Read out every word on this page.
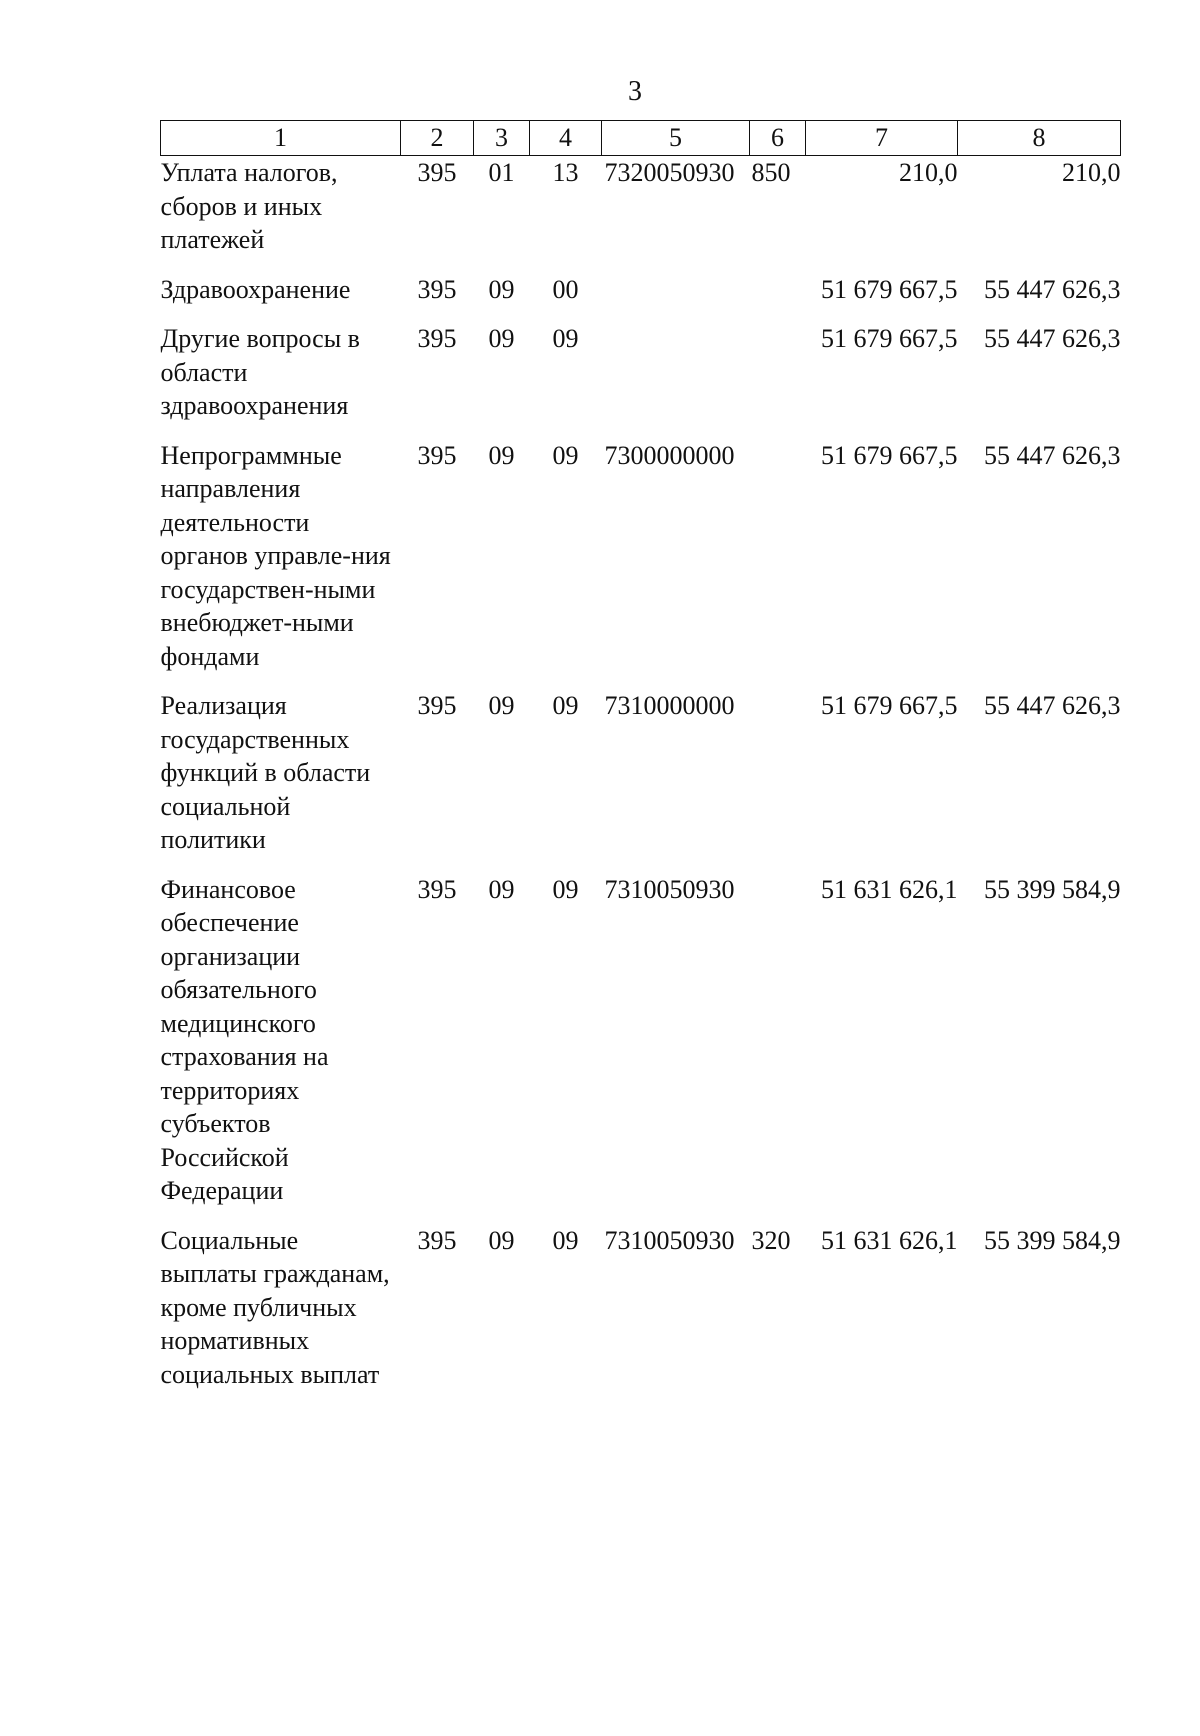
3
1	2	3	4	5	6	7	8
Уплата налогов, сборов и иных платежей	395	01	13	7320050930	850	210,0	210,0
Здравоохранение	395	09	00			51 679 667,5	55 447 626,3
Другие вопросы в области здравоохранения	395	09	09			51 679 667,5	55 447 626,3
Непрограммные направления деятельности органов управле-ния государствен-ными внебюджет-ными фондами	395	09	09	7300000000		51 679 667,5	55 447 626,3
Реализация государственных функций в области социальной политики	395	09	09	7310000000		51 679 667,5	55 447 626,3
Финансовое обеспечение организации обязательного медицинского страхования на территориях субъектов Российской Федерации	395	09	09	7310050930		51 631 626,1	55 399 584,9
Социальные выплаты гражданам, кроме публичных нормативных социальных выплат	395	09	09	7310050930	320	51 631 626,1	55 399 584,9
